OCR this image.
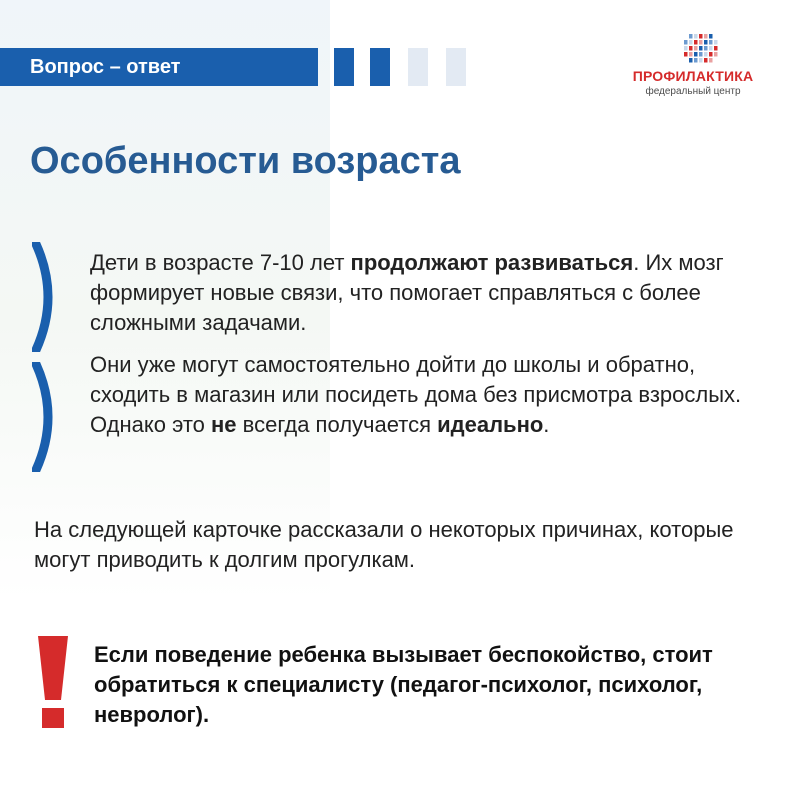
Вопрос – ответ	ПРОФИЛАКТИКА
федеральный центр
Особенности возраста
Дети в возрасте 7-10 лет продолжают развиваться. Их мозг формирует новые связи, что помогает справляться с более сложными задачами.
Они уже могут самостоятельно дойти до школы и обратно, сходить в магазин или посидеть дома без присмотра взрослых. Однако это не всегда получается идеально.
На следующей карточке рассказали о некоторых причинах, которые могут приводить к долгим прогулкам.
Если поведение ребенка вызывает беспокойство, стоит обратиться к специалисту (педагог-психолог, психолог, невролог).
